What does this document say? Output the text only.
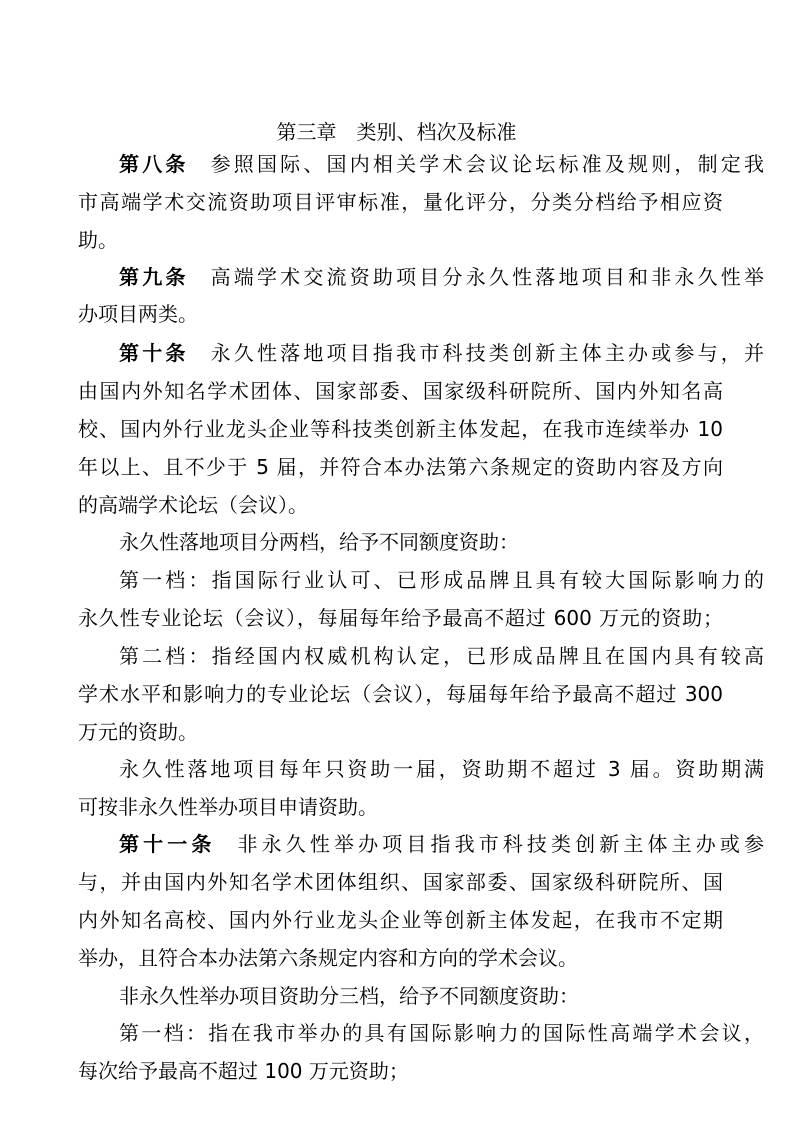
第三章　类别、档次及标准
第八条 参照国际、国内相关学术会议论坛标准及规则，制定我
市高端学术交流资助项目评审标准，量化评分，分类分档给予相应资
助。
第九条 高端学术交流资助项目分永久性落地项目和非永久性举
办项目两类。
第十条 永久性落地项目指我市科技类创新主体主办或参与，并
由国内外知名学术团体、国家部委、国家级科研院所、国内外知名高
校、国内外行业龙头企业等科技类创新主体发起，在我市连续举办 10
年以上、且不少于 5 届，并符合本办法第六条规定的资助内容及方向
的高端学术论坛（会议）。
永久性落地项目分两档，给予不同额度资助：
第一档：指国际行业认可、已形成品牌且具有较大国际影响力的
永久性专业论坛（会议），每届每年给予最高不超过 600 万元的资助；
第二档：指经国内权威机构认定，已形成品牌且在国内具有较高
学术水平和影响力的专业论坛（会议），每届每年给予最高不超过 300
万元的资助。
永久性落地项目每年只资助一届，资助期不超过 3 届。资助期满
可按非永久性举办项目申请资助。
第十一条 非永久性举办项目指我市科技类创新主体主办或参
与，并由国内外知名学术团体组织、国家部委、国家级科研院所、国
内外知名高校、国内外行业龙头企业等创新主体发起，在我市不定期
举办，且符合本办法第六条规定内容和方向的学术会议。
非永久性举办项目资助分三档，给予不同额度资助：
第一档：指在我市举办的具有国际影响力的国际性高端学术会议，
每次给予最高不超过 100 万元资助；
